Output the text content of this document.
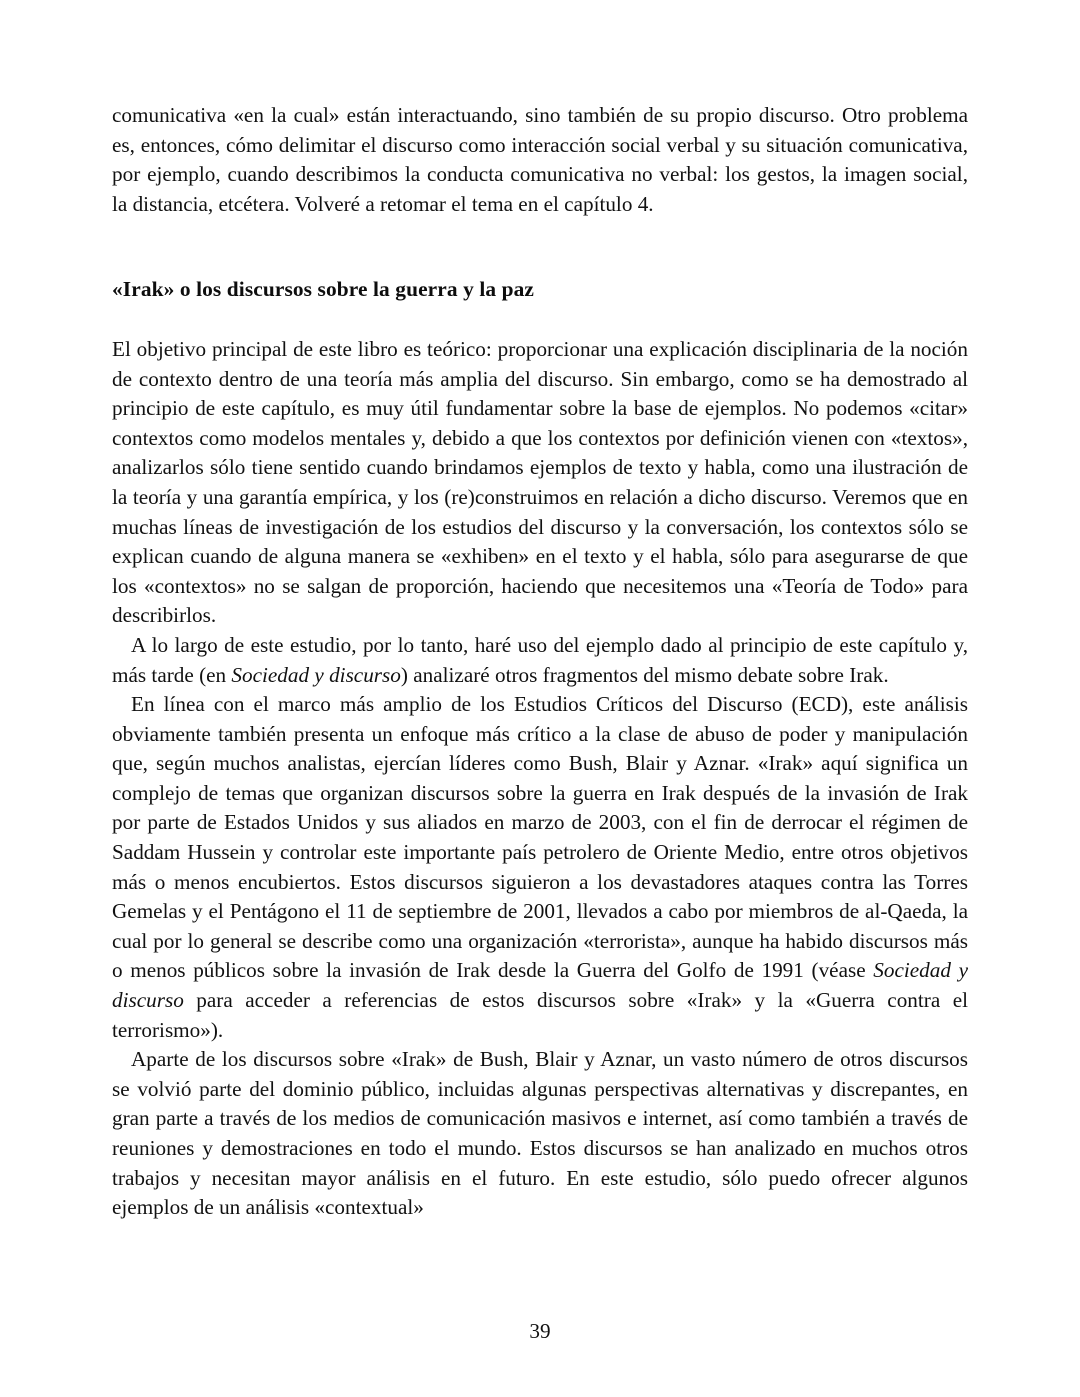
comunicativa «en la cual» están interactuando, sino también de su propio discurso. Otro problema es, entonces, cómo delimitar el discurso como interacción social verbal y su situación comunicativa, por ejemplo, cuando describimos la conducta comunicativa no verbal: los gestos, la imagen social, la distancia, etcétera. Volveré a retomar el tema en el capítulo 4.

«Irak» o los discursos sobre la guerra y la paz

El objetivo principal de este libro es teórico: proporcionar una explicación disciplinaria de la noción de contexto dentro de una teoría más amplia del discurso. Sin embargo, como se ha demostrado al principio de este capítulo, es muy útil fundamentar sobre la base de ejemplos. No podemos «citar» contextos como modelos mentales y, debido a que los contextos por definición vienen con «textos», analizarlos sólo tiene sentido cuando brindamos ejemplos de texto y habla, como una ilustración de la teoría y una garantía empírica, y los (re)construimos en relación a dicho discurso. Veremos que en muchas líneas de investigación de los estudios del discurso y la conversación, los contextos sólo se explican cuando de alguna manera se «exhiben» en el texto y el habla, sólo para asegurarse de que los «contextos» no se salgan de proporción, haciendo que necesitemos una «Teoría de Todo» para describirlos.

A lo largo de este estudio, por lo tanto, haré uso del ejemplo dado al principio de este capítulo y, más tarde (en Sociedad y discurso) analizaré otros fragmentos del mismo debate sobre Irak.

En línea con el marco más amplio de los Estudios Críticos del Discurso (ECD), este análisis obviamente también presenta un enfoque más crítico a la clase de abuso de poder y manipulación que, según muchos analistas, ejercían líderes como Bush, Blair y Aznar. «Irak» aquí significa un complejo de temas que organizan discursos sobre la guerra en Irak después de la invasión de Irak por parte de Estados Unidos y sus aliados en marzo de 2003, con el fin de derrocar el régimen de Saddam Hussein y controlar este importante país petrolero de Oriente Medio, entre otros objetivos más o menos encubiertos. Estos discursos siguieron a los devastadores ataques contra las Torres Gemelas y el Pentágono el 11 de septiembre de 2001, llevados a cabo por miembros de al-Qaeda, la cual por lo general se describe como una organización «terrorista», aunque ha habido discursos más o menos públicos sobre la invasión de Irak desde la Guerra del Golfo de 1991 (véase Sociedad y discurso para acceder a referencias de estos discursos sobre «Irak» y la «Guerra contra el terrorismo»).

Aparte de los discursos sobre «Irak» de Bush, Blair y Aznar, un vasto número de otros discursos se volvió parte del dominio público, incluidas algunas perspectivas alternativas y discrepantes, en gran parte a través de los medios de comunicación masivos e internet, así como también a través de reuniones y demostraciones en todo el mundo. Estos discursos se han analizado en muchos otros trabajos y necesitan mayor análisis en el futuro. En este estudio, sólo puedo ofrecer algunos ejemplos de un análisis «contextual»

39
